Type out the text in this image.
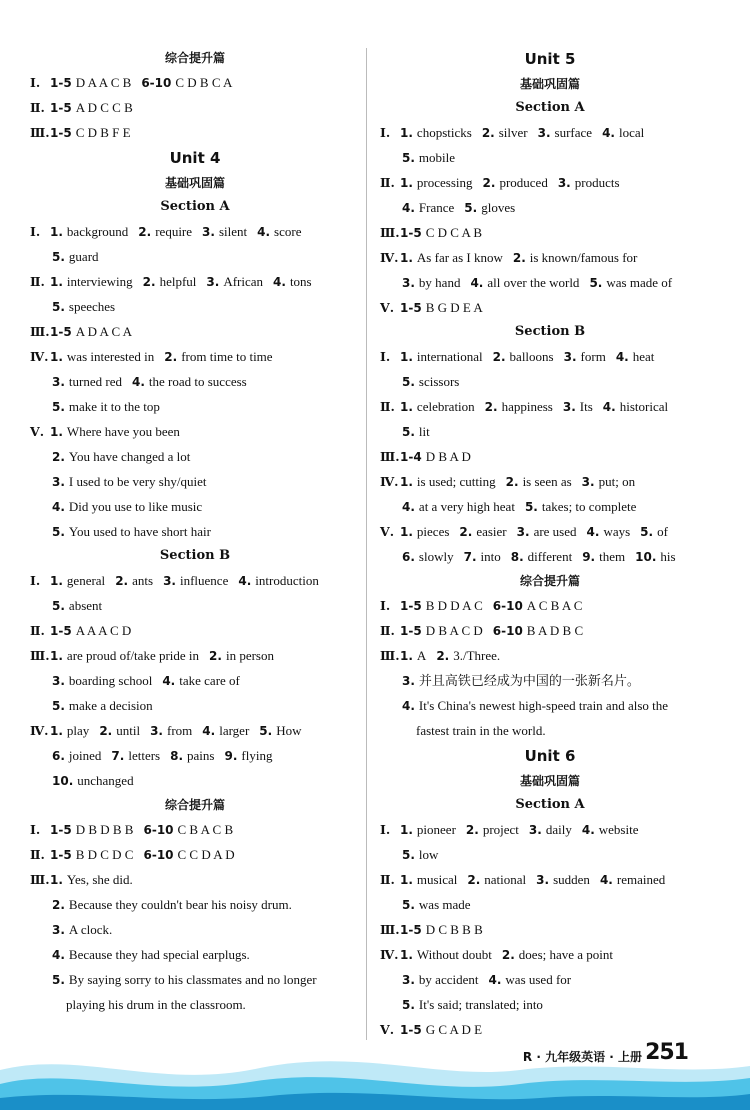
综合提升篇
Ⅰ. 1-5 D A A C B 6-10 C D B C A
Ⅱ. 1-5 A D C C B
Ⅲ.1-5 C D B F E
Unit 4
基础巩固篇
Section A
Ⅰ. 1. background 2. require 3. silent 4. score
5. guard
Ⅱ. 1. interviewing 2. helpful 3. African 4. tons
5. speeches
Ⅲ.1-5 A D A C A
Ⅳ.1. was interested in 2. from time to time
3. turned red 4. the road to success
5. make it to the top
Ⅴ. 1. Where have you been
2. You have changed a lot
3. I used to be very shy/quiet
4. Did you use to like music
5. You used to have short hair
Section B
Ⅰ. 1. general 2. ants 3. influence 4. introduction
5. absent
Ⅱ. 1-5 A A A C D
Ⅲ.1. are proud of/take pride in 2. in person
3. boarding school 4. take care of
5. make a decision
Ⅳ.1. play 2. until 3. from 4. larger 5. How
6. joined 7. letters 8. pains 9. flying
10. unchanged
综合提升篇
Ⅰ. 1-5 D B D B B 6-10 C B A C B
Ⅱ. 1-5 B D C D C 6-10 C C D A D
Ⅲ.1. Yes, she did.
2. Because they couldn't bear his noisy drum.
3. A clock.
4. Because they had special earplugs.
5. By saying sorry to his classmates and no longer
playing his drum in the classroom.
Unit 5
基础巩固篇
Section A
Ⅰ. 1. chopsticks 2. silver 3. surface 4. local
5. mobile
Ⅱ. 1. processing 2. produced 3. products
4. France 5. gloves
Ⅲ.1-5 C D C A B
Ⅳ.1. As far as I know 2. is known/famous for
3. by hand 4. all over the world 5. was made of
Ⅴ. 1-5 B G D E A
Section B
Ⅰ. 1. international 2. balloons 3. form 4. heat
5. scissors
Ⅱ. 1. celebration 2. happiness 3. Its 4. historical
5. lit
Ⅲ.1-4 D B A D
Ⅳ.1. is used; cutting 2. is seen as 3. put; on
4. at a very high heat 5. takes; to complete
Ⅴ. 1. pieces 2. easier 3. are used 4. ways 5. of
6. slowly 7. into 8. different 9. them 10. his
综合提升篇
Ⅰ. 1-5 B D D A C 6-10 A C B A C
Ⅱ. 1-5 D B A C D 6-10 B A D B C
Ⅲ.1. A 2. 3./Three.
3. 并且高铁已经成为中国的一张新名片。
4. It's China's newest high-speed train and also the
fastest train in the world.
Unit 6
基础巩固篇
Section A
Ⅰ. 1. pioneer 2. project 3. daily 4. website
5. low
Ⅱ. 1. musical 2. national 3. sudden 4. remained
5. was made
Ⅲ.1-5 D C B B B
Ⅳ.1. Without doubt 2. does; have a point
3. by accident 4. was used for
5. It's said; translated; into
Ⅴ. 1-5 G C A D E
R · 九年级英语 · 上册 251
